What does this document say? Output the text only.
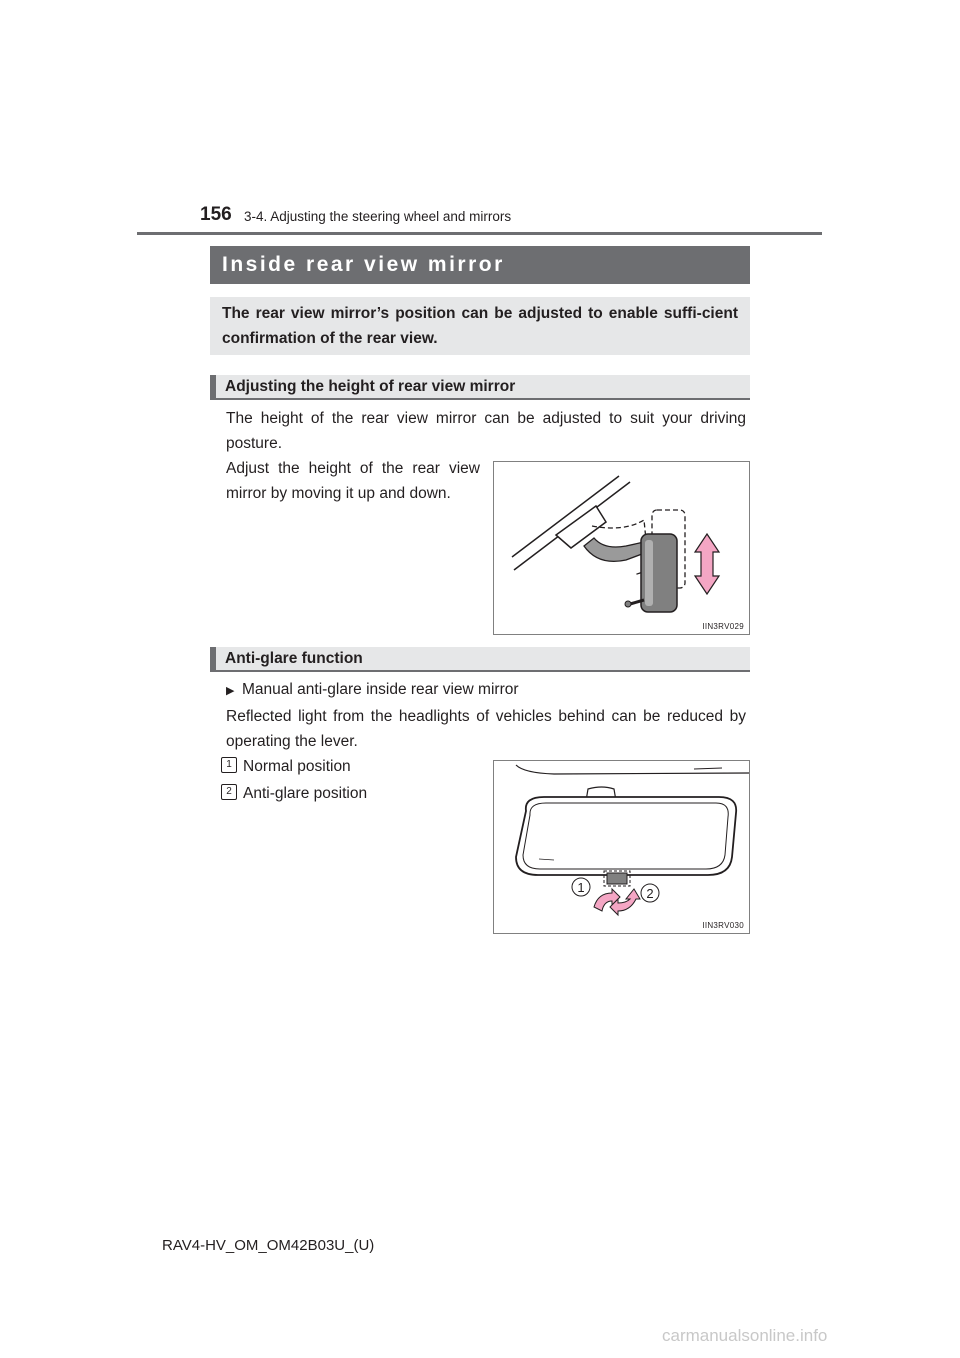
156 3-4. Adjusting the steering wheel and mirrors
Inside rear view mirror
The rear view mirror’s position can be adjusted to enable suffi-cient confirmation of the rear view.
Adjusting the height of rear view mirror
The height of the rear view mirror can be adjusted to suit your driving posture.
Adjust the height of the rear view mirror by moving it up and down.
IIN3RV029
Anti-glare function
▶ Manual anti-glare inside rear view mirror
Reflected light from the headlights of vehicles behind can be reduced by operating the lever.
1 Normal position
2 Anti-glare position
1	2
IIN3RV030
RAV4-HV_OM_OM42B03U_(U)
carmanualsonline.info
